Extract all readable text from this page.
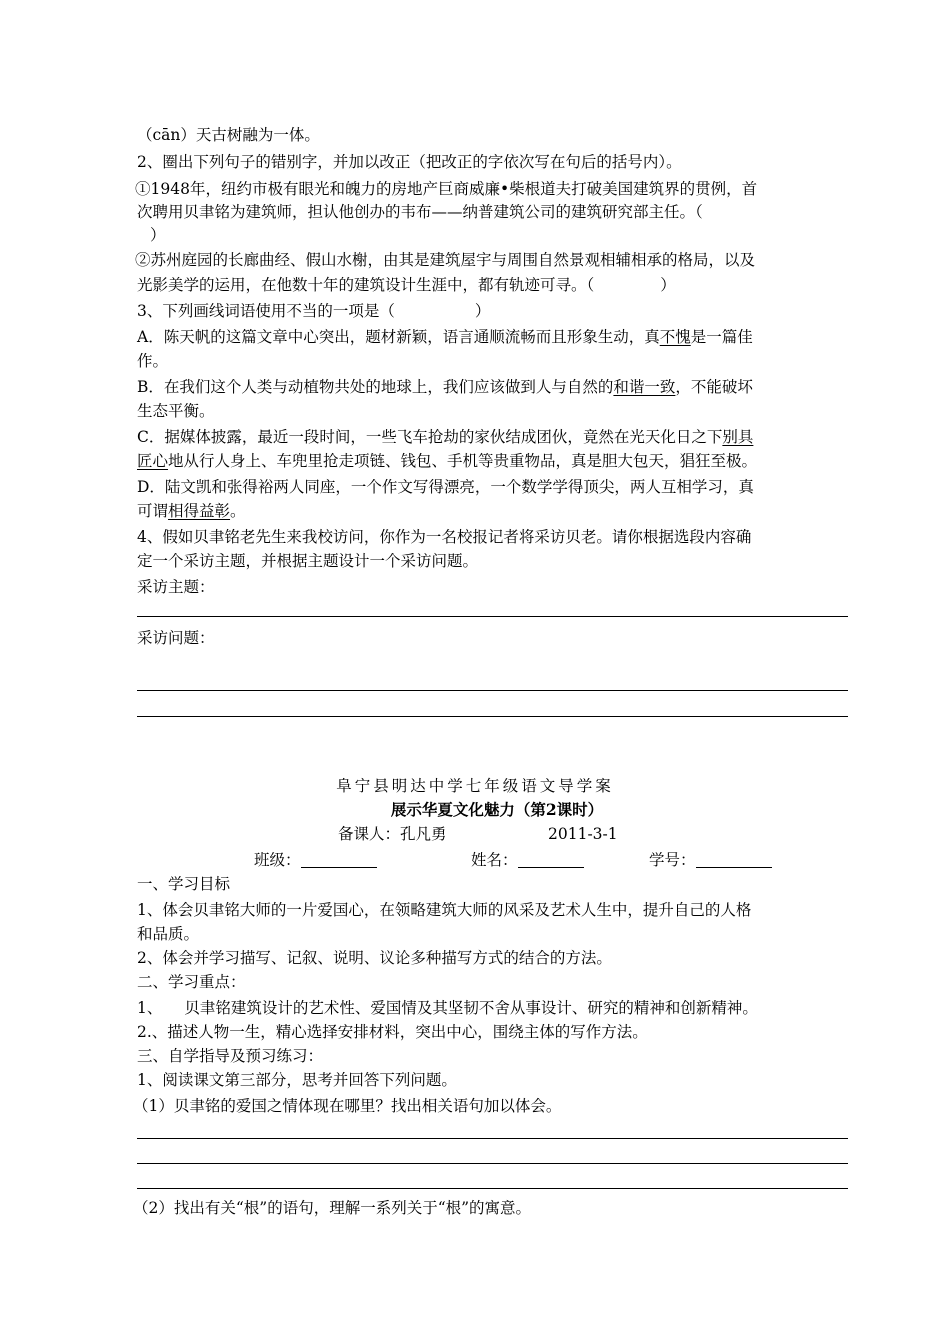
（cān）天古树融为一体。
2、圈出下列句子的错别字，并加以改正（把改正的字依次写在句后的括号内）。
①1948年，纽约市极有眼光和魄力的房地产巨商威廉•柴根道夫打破美国建筑界的贯例，首
次聘用贝聿铭为建筑师，担认他创办的韦布——纳普建筑公司的建筑研究部主任。（
）
②苏州庭园的长廊曲经、假山水榭，由其是建筑屋宇与周围自然景观相辅相承的格局，以及
光影美学的运用，在他数十年的建筑设计生涯中，都有轨迹可寻。（	）
3、下列画线词语使用不当的一项是（	）
A．陈天帆的这篇文章中心突出，题材新颖，语言通顺流畅而且形象生动，真不愧是一篇佳
作。
B．在我们这个人类与动植物共处的地球上，我们应该做到人与自然的和谐一致，不能破坏
生态平衡。
C．据媒体披露，最近一段时间，一些飞车抢劫的家伙结成团伙，竟然在光天化日之下别具
匠心地从行人身上、车兜里抢走项链、钱包、手机等贵重物品，真是胆大包天，猖狂至极。
D．陆文凯和张得裕两人同座，一个作文写得漂亮，一个数学学得顶尖，两人互相学习，真
可谓相得益彰。
4、假如贝聿铭老先生来我校访问，你作为一名校报记者将采访贝老。请你根据选段内容确
定一个采访主题，并根据主题设计一个采访问题。
采访主题：
采访问题：
阜宁县明达中学七年级语文导学案
展示华夏文化魅力（第2课时）
备课人：孔凡勇	2011-3-1
班级：	姓名：	学号：
一、学习目标
1、体会贝聿铭大师的一片爱国心，在领略建筑大师的风采及艺术人生中，提升自己的人格
和品质。
2、体会并学习描写、记叙、说明、议论多种描写方式的结合的方法。
二、学习重点：
1、 贝聿铭建筑设计的艺术性、爱国情及其坚韧不舍从事设计、研究的精神和创新精神。
2.、描述人物一生，精心选择安排材料，突出中心，围绕主体的写作方法。
三、自学指导及预习练习：
1、阅读课文第三部分，思考并回答下列问题。
（1）贝聿铭的爱国之情体现在哪里？找出相关语句加以体会。
（2）找出有关“根”的语句，理解一系列关于“根”的寓意。
